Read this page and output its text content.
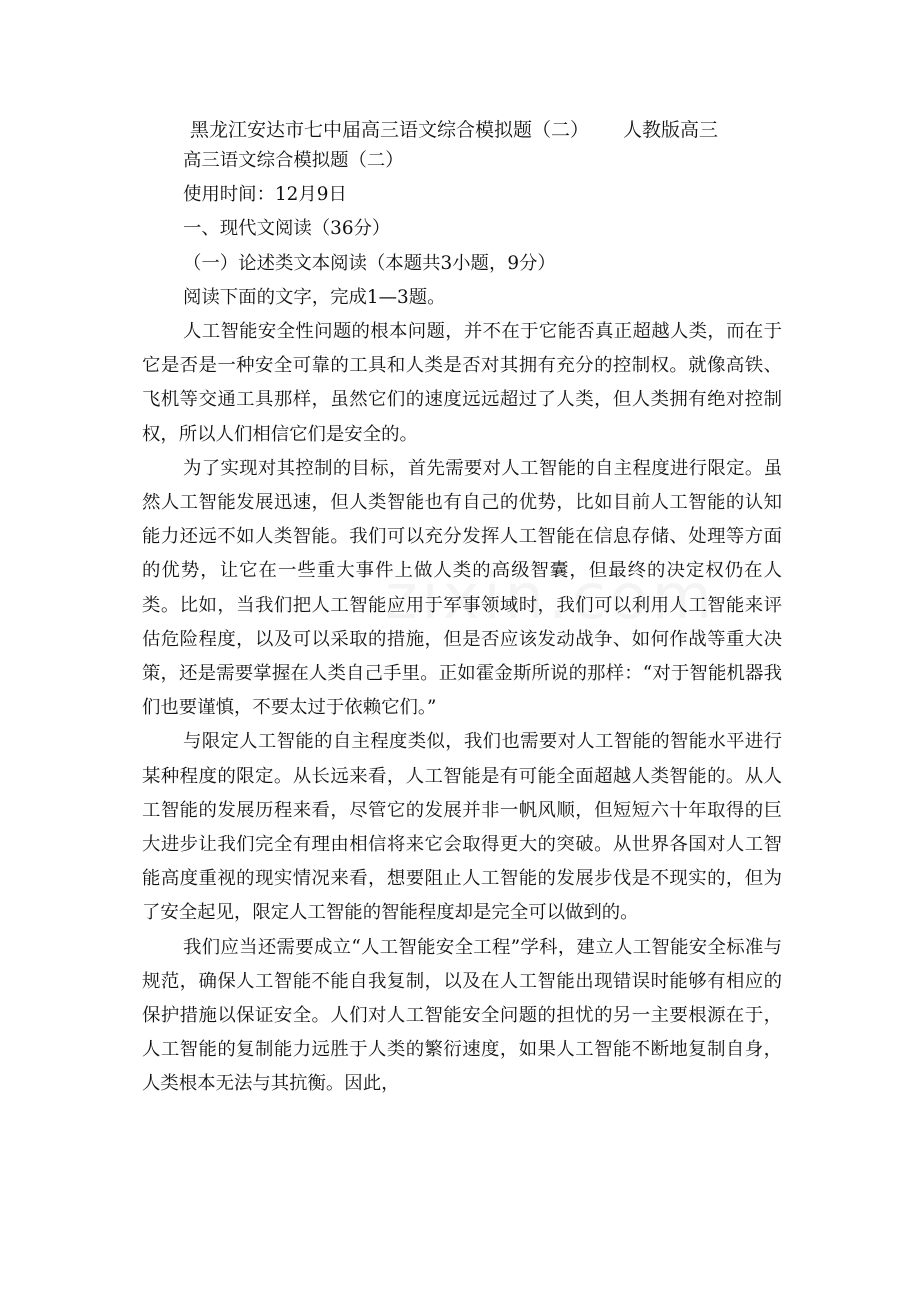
黑龙江安达市七中届高三语文综合模拟题（二） 人教版高三

高三语文综合模拟题（二）

使用时间：12月9日

一、现代文阅读（36分）

（一）论述类文本阅读（本题共3小题，9分）

阅读下面的文字，完成1—3题。

人工智能安全性问题的根本问题，并不在于它能否真正超越人类，而在于它是否是一种安全可靠的工具和人类是否对其拥有充分的控制权。就像高铁、飞机等交通工具那样，虽然它们的速度远远超过了人类，但人类拥有绝对控制权，所以人们相信它们是安全的。

为了实现对其控制的目标，首先需要对人工智能的自主程度进行限定。虽然人工智能发展迅速，但人类智能也有自己的优势，比如目前人工智能的认知能力还远不如人类智能。我们可以充分发挥人工智能在信息存储、处理等方面的优势，让它在一些重大事件上做人类的高级智囊，但最终的决定权仍在人类。比如，当我们把人工智能应用于军事领域时，我们可以利用人工智能来评估危险程度，以及可以采取的措施，但是否应该发动战争、如何作战等重大决策，还是需要掌握在人类自己手里。正如霍金斯所说的那样：“对于智能机器我们也要谨慎，不要太过于依赖它们。”

与限定人工智能的自主程度类似，我们也需要对人工智能的智能水平进行某种程度的限定。从长远来看，人工智能是有可能全面超越人类智能的。从人工智能的发展历程来看，尽管它的发展并非一帆风顺，但短短六十年取得的巨大进步让我们完全有理由相信将来它会取得更大的突破。从世界各国对人工智能高度重视的现实情况来看，想要阻止人工智能的发展步伐是不现实的，但为了安全起见，限定人工智能的智能程度却是完全可以做到的。

我们应当还需要成立“人工智能安全工程”学科，建立人工智能安全标准与规范，确保人工智能不能自我复制，以及在人工智能出现错误时能够有相应的保护措施以保证安全。人们对人工智能安全问题的担忧的另一主要根源在于，人工智能的复制能力远胜于人类的繁衍速度，如果人工智能不断地复制自身，人类根本无法与其抗衡。因此，
